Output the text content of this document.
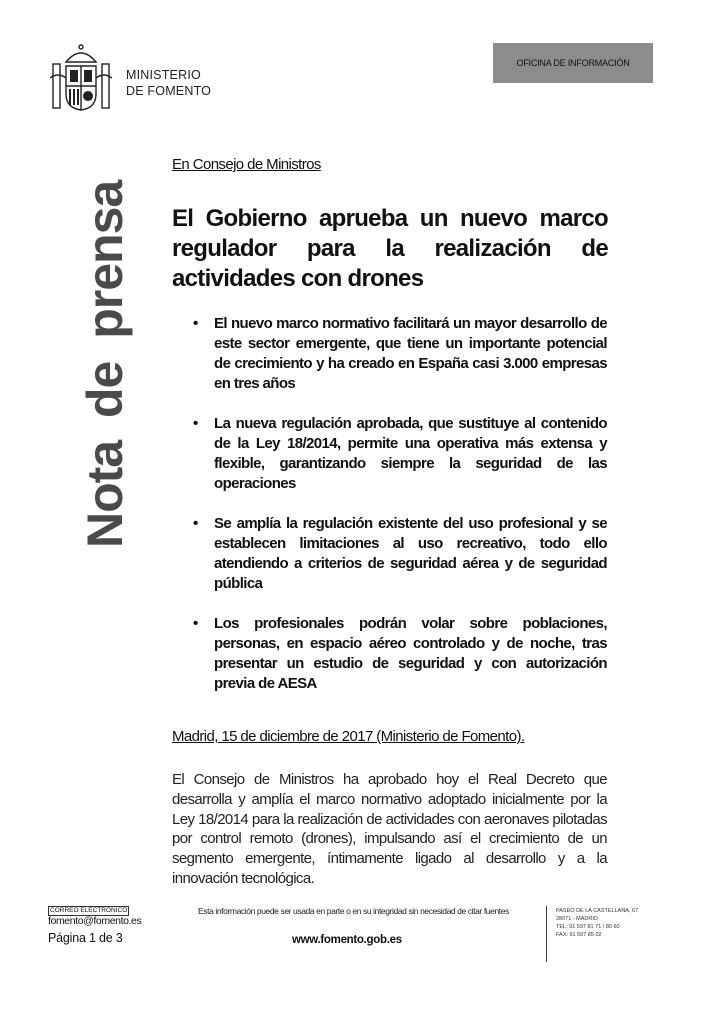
MINISTERIO
DE FOMENTO
OFICINA DE INFORMACIÓN
Nota de prensa
En Consejo de Ministros
El Gobierno aprueba un nuevo marco regulador para la realización de actividades con drones
• El nuevo marco normativo facilitará un mayor desarrollo de este sector emergente, que tiene un importante potencial de crecimiento y ha creado en España casi 3.000 empresas en tres años
• La nueva regulación aprobada, que sustituye al contenido de la Ley 18/2014, permite una operativa más extensa y flexible, garantizando siempre la seguridad de las operaciones
• Se amplía la regulación existente del uso profesional y se establecen limitaciones al uso recreativo, todo ello atendiendo a criterios de seguridad aérea y de seguridad pública
• Los profesionales podrán volar sobre poblaciones, personas, en espacio aéreo controlado y de noche, tras presentar un estudio de seguridad y con autorización previa de AESA
Madrid, 15 de diciembre de 2017 (Ministerio de Fomento).
El Consejo de Ministros ha aprobado hoy el Real Decreto que desarrolla y amplía el marco normativo adoptado inicialmente por la Ley 18/2014 para la realización de actividades con aeronaves pilotadas por control remoto (drones), impulsando así el crecimiento de un segmento emergente, íntimamente ligado al desarrollo y a la innovación tecnológica.
CORREO ELECTRÓNICO
fomento@fomento.es
Página 1 de 3
Esta información puede ser usada en parte o en su integridad sin necesidad de citar fuentes
www.fomento.gob.es
PASEO DE LA CASTELLANA, 67
28071 - MADRID
TEL: 91 597 81 71 / 80 60
FAX: 91 597 85 02
